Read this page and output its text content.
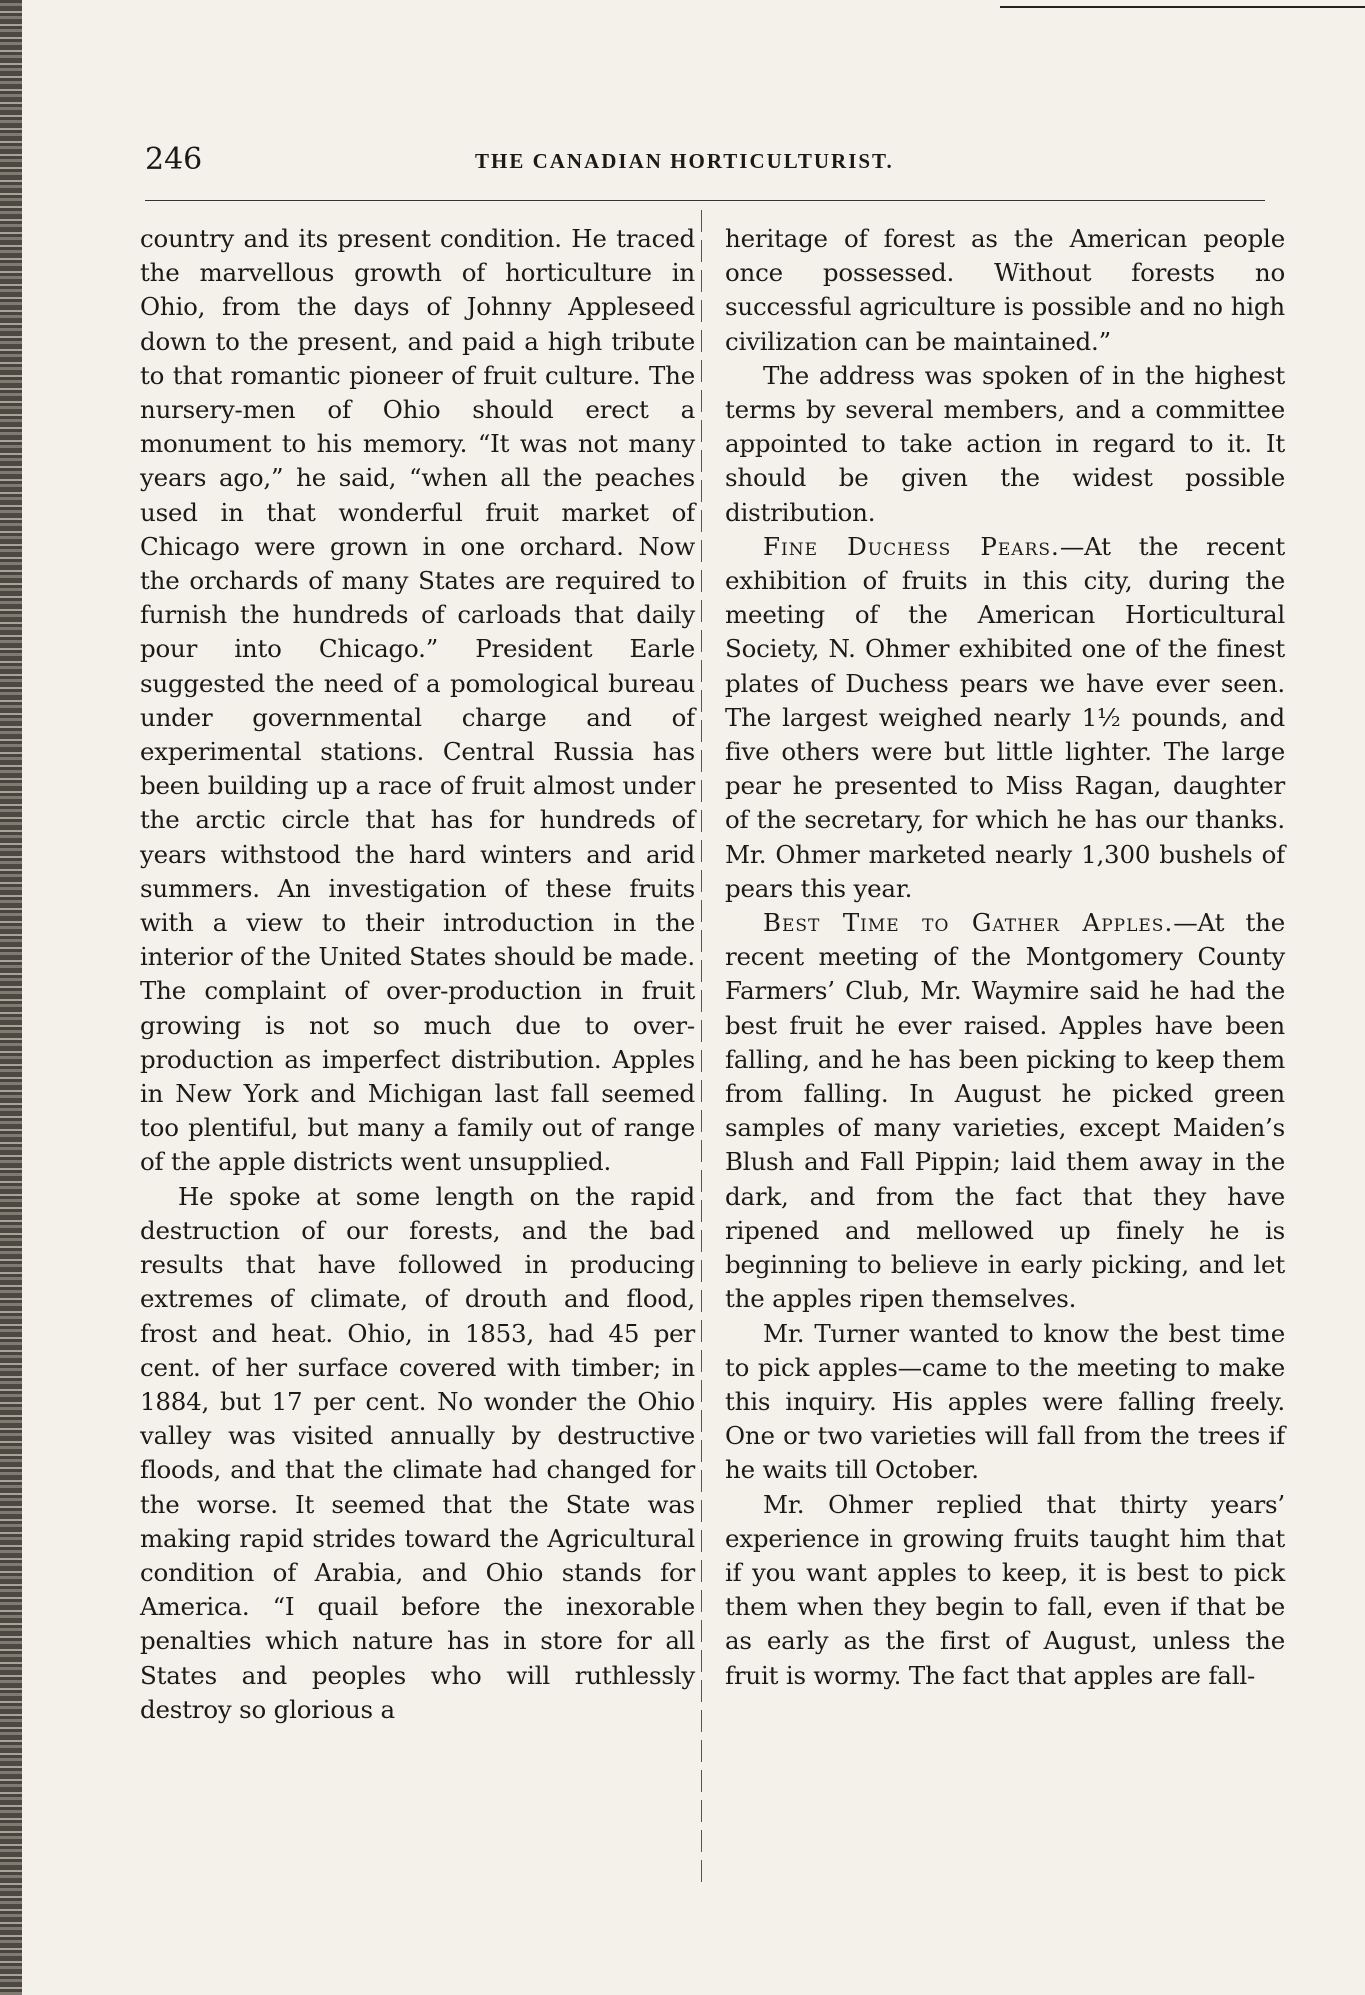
246	THE CANADIAN HORTICULTURIST.

country and its present condition. He traced the marvellous growth of horticulture in Ohio, from the days of Johnny Appleseed down to the present, and paid a high tribute to that romantic pioneer of fruit culture. The nursery-men of Ohio should erect a monument to his memory. “It was not many years ago,” he said, “when all the peaches used in that wonderful fruit market of Chicago were grown in one orchard. Now the orchards of many States are required to furnish the hundreds of carloads that daily pour into Chicago.” President Earle suggested the need of a pomological bureau under governmental charge and of experimental stations. Central Russia has been building up a race of fruit almost under the arctic circle that has for hundreds of years withstood the hard winters and arid summers. An investigation of these fruits with a view to their introduction in the interior of the United States should be made. The complaint of over-production in fruit growing is not so much due to over-production as imperfect distribution. Apples in New York and Michigan last fall seemed too plentiful, but many a family out of range of the apple districts went unsupplied.

He spoke at some length on the rapid destruction of our forests, and the bad results that have followed in producing extremes of climate, of drouth and flood, frost and heat. Ohio, in 1853, had 45 per cent. of her surface covered with timber; in 1884, but 17 per cent. No wonder the Ohio valley was visited annually by destructive floods, and that the climate had changed for the worse. It seemed that the State was making rapid strides toward the Agricultural condition of Arabia, and Ohio stands for America. “I quail before the inexorable penalties which nature has in store for all States and peoples who will ruthlessly destroy so glorious a

heritage of forest as the American people once possessed. Without forests no successful agriculture is possible and no high civilization can be maintained.”

The address was spoken of in the highest terms by several members, and a committee appointed to take action in regard to it. It should be given the widest possible distribution.

Fine Duchess Pears.—At the recent exhibition of fruits in this city, during the meeting of the American Horticultural Society, N. Ohmer exhibited one of the finest plates of Duchess pears we have ever seen. The largest weighed nearly 1½ pounds, and five others were but little lighter. The large pear he presented to Miss Ragan, daughter of the secretary, for which he has our thanks. Mr. Ohmer marketed nearly 1,300 bushels of pears this year.

Best Time to Gather Apples.—At the recent meeting of the Montgomery County Farmers’ Club, Mr. Waymire said he had the best fruit he ever raised. Apples have been falling, and he has been picking to keep them from falling. In August he picked green samples of many varieties, except Maiden’s Blush and Fall Pippin; laid them away in the dark, and from the fact that they have ripened and mellowed up finely he is beginning to believe in early picking, and let the apples ripen themselves.

Mr. Turner wanted to know the best time to pick apples—came to the meeting to make this inquiry. His apples were falling freely. One or two varieties will fall from the trees if he waits till October.

Mr. Ohmer replied that thirty years’ experience in growing fruits taught him that if you want apples to keep, it is best to pick them when they begin to fall, even if that be as early as the first of August, unless the fruit is wormy. The fact that apples are fall-
